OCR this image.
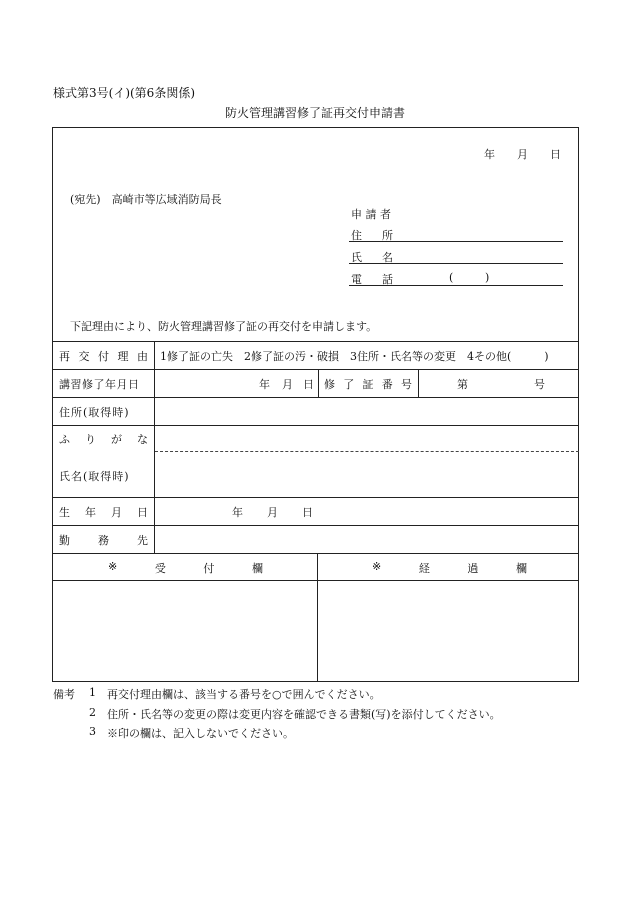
様式第3号(イ)(第6条関係)
防火管理講習修了証再交付申請書
年 月 日
(宛先)　高崎市等広域消防局長
申 請 者
住 所
氏 名
電 話	(	)
下記理由により、防火管理講習修了証の再交付を申請します。
再 交 付 理 由 1修了証の亡失　2修了証の汚・破損　3住所・氏名等の変更　4その他(　　　)
講習修了年月日	年 月 日 修 了 証 番 号	第	号
住所(取得時)
ふ り が な
氏名(取得時)
生 年 月 日	年 月 日
勤	務	先
※	受	付	欄	※	経	過	欄
備考 1 再交付理由欄は、該当する番号を○で囲んでください。
2 住所・氏名等の変更の際は変更内容を確認できる書類(写)を添付してください。
3 ※印の欄は、記入しないでください。
